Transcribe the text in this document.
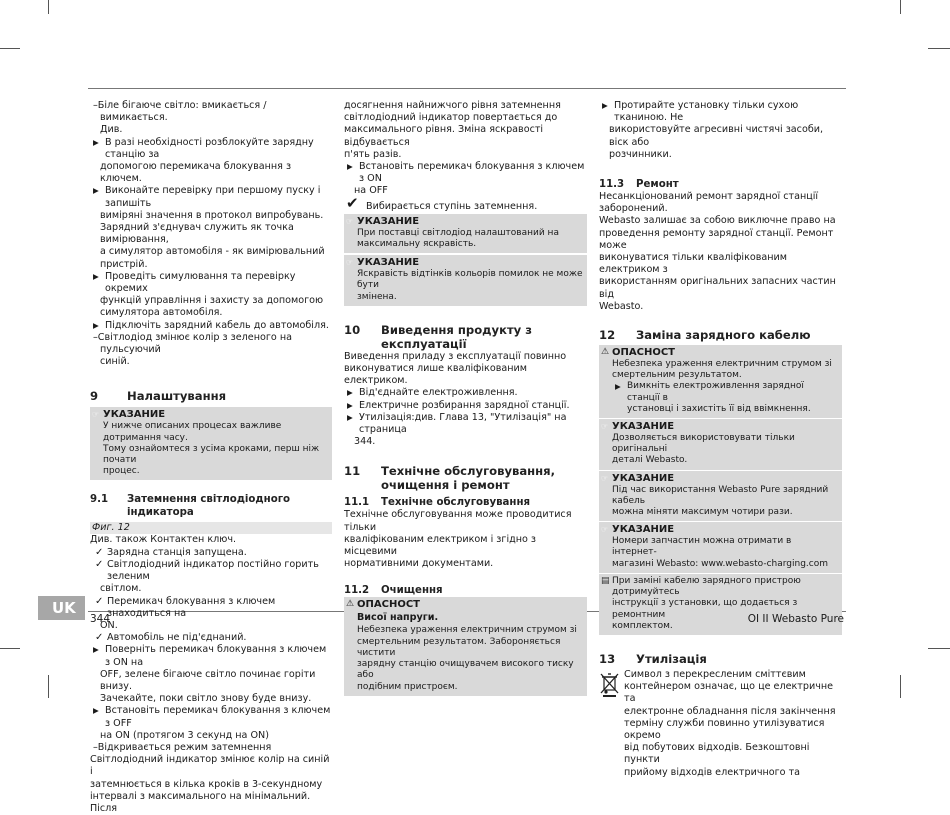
–Біле бігаюче світло: вмикається / вимикається.

Див.

▶ В разі необхідності розблокуйте зарядну станцію за

допомогою перемикача блокування з ключем.

▶ Виконайте перевірку при першому пуску і запишіть

виміряні значення в протокол випробувань.

Зарядний з'єднувач служить як точка вимірювання,

а симулятор автомобіля - як вимірювальний

пристрій.

▶ Проведіть симулювання та перевірку окремих

функцій управління і захисту за допомогою

симулятора автомобіля.

▶ Підключіть зарядний кабель до автомобіля.

–Світлодіод змінює колір з зеленого на пульсуючий

синій.

9 Налаштування
☞ УКАЗАНИЕ
У нижче описаних процесах важливе дотримання часу.
Тому ознайомтеся з усіма кроками, перш ніж почати
процес.
9.1 Затемнення світлодіодного індикатора
Фиг. 12

Див. також Контактен ключ.

✓ Зарядна станція запущена.

✓ Світлодіодний індикатор постійно горить зеленим

світлом.

✓ Перемикач блокування з ключем знаходиться на

ON.

✓ Автомобіль не під'єднаний.

▶ Поверніть перемикач блокування з ключем з ON на

OFF, зелене бігаюче світло починає горіти внизу.

Зачекайте, поки світло знову буде внизу.

▶ Встановіть перемикач блокування з ключем з OFF

на ON (протягом 3 секунд на ON)

–Відкривається режим затемнення

Світлодіодний індикатор змінює колір на синій і

затемнюється в кілька кроків в 3-секундному

інтервалі з максимального на мінімальний. Після

досягнення найнижчого рівня затемнення

світлодіодний індикатор повертається до

максимального рівня. Зміна яскравості відбувається

п'ять разів.

▶ Встановіть перемикач блокування з ключем з ON

на OFF

✔ Вибирається ступінь затемнення.

☞ УКАЗАНИЕ
При поставці світлодіод налаштований на
максимальну яскравість.
☞ УКАЗАНИЕ
Яскравість відтінків кольорів помилок не може бути
змінена.
10 Виведення продукту з
експлуатації

Виведення приладу з експлуатації повинно

виконуватися лише кваліфікованим електриком.

▶ Від'єднайте електроживлення.

▶ Електричне розбирання зарядної станції.

▶ Утилізація:див. Глава 13, "Утилізація" на страница

344.

11 Технічне обслуговування,
очищення і ремонт
11.1 Технічне обслуговування

Технічне обслуговування може проводитися тільки

кваліфікованим електриком і згідно з місцевими

нормативними документами.

11.2 Очищення
⚠ ОПАСНОСТ
Висої напруги.
Небезпека ураження електричним струмом зі
смертельним результатом. Забороняється чистити
зарядну станцію очищувачем високого тиску або
подібним пристроєм.

▶ Протирайте установку тільки сухою тканиною. Не

використовуйте агресивні чистячі засоби, віск або

розчинники.

11.3 Ремонт

Несанкціонований ремонт зарядної станції

заборонений.

Webasto залишає за собою виключне право на

проведення ремонту зарядної станції. Ремонт може

виконуватися тільки кваліфікованим електриком з

використанням оригінальних запасних частин від

Webasto.

12 Заміна зарядного кабелю
⚠ ОПАСНОСТ
Небезпека ураження електричним струмом зі
смертельним результатом.
▶ Вимкніть електроживлення зарядної станції в
установці і захистіть її від ввімкнення.
☞ УКАЗАНИЕ
Дозволяється використовувати тільки оригінальні
деталі Webasto.
☞ УКАЗАНИЕ
Під час використання Webasto Pure зарядний кабель
можна міняти максимум чотири рази.
☞ УКАЗАНИЕ
Номери запчастин можна отримати в інтернет-
магазині Webasto: www.webasto-charging.com
▤ При заміні кабелю зарядного пристрою дотримуйтесь
інструкції з установки, що додається з ремонтним
комплектом.
13 Утилізація

Символ з перекресленим сміттєвим

контейнером означає, що це електричне та

електронне обладнання після закінчення

терміну служби повинно утилізуватися окремо

від побутових відходів. Безкоштовні пункти

прийому відходів електричного та

UK
344	OI II Webasto Pure
